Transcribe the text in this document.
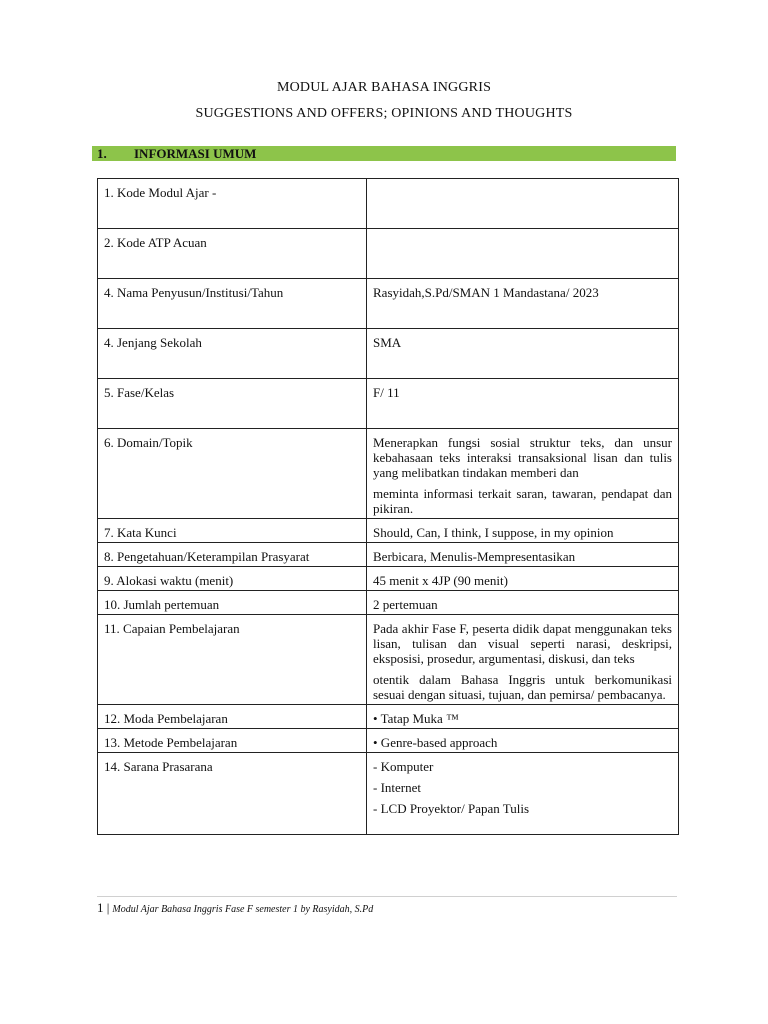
MODUL AJAR BAHASA INGGRIS
SUGGESTIONS AND OFFERS; OPINIONS AND THOUGHTS
1. INFORMASI UMUM
1. Kode Modul Ajar -	

2. Kode ATP Acuan	

4. Nama Penyusun/Institusi/Tahun	Rasyidah,S.Pd/SMAN 1 Mandastana/ 2023

4. Jenjang Sekolah	SMA

5. Fase/Kelas	F/ 11

6. Domain/Topik	Menerapkan fungsi sosial struktur teks, dan unsur kebahasaan teks interaksi transaksional lisan dan tulis yang melibatkan tindakan memberi dan

meminta informasi terkait saran, tawaran, pendapat dan pikiran.

7. Kata Kunci	Should, Can, I think, I suppose, in my opinion

8. Pengetahuan/Keterampilan Prasyarat	Berbicara, Menulis-Mempresentasikan

9. Alokasi waktu (menit)	45 menit x 4JP (90 menit)

10. Jumlah pertemuan	2 pertemuan

11. Capaian Pembelajaran	Pada akhir Fase F, peserta didik dapat menggunakan teks lisan, tulisan dan visual seperti narasi, deskripsi, eksposisi, prosedur, argumentasi, diskusi, dan teks

otentik dalam Bahasa Inggris untuk berkomunikasi sesuai dengan situasi, tujuan, dan pemirsa/ pembacanya.

12. Moda Pembelajaran	• Tatap Muka ™

13. Metode Pembelajaran	• Genre-based approach

14. Sarana Prasarana	- Komputer

- Internet

- LCD Proyektor/ Papan Tulis

1 | Modul Ajar Bahasa Inggris Fase F semester 1 by Rasyidah, S.Pd
